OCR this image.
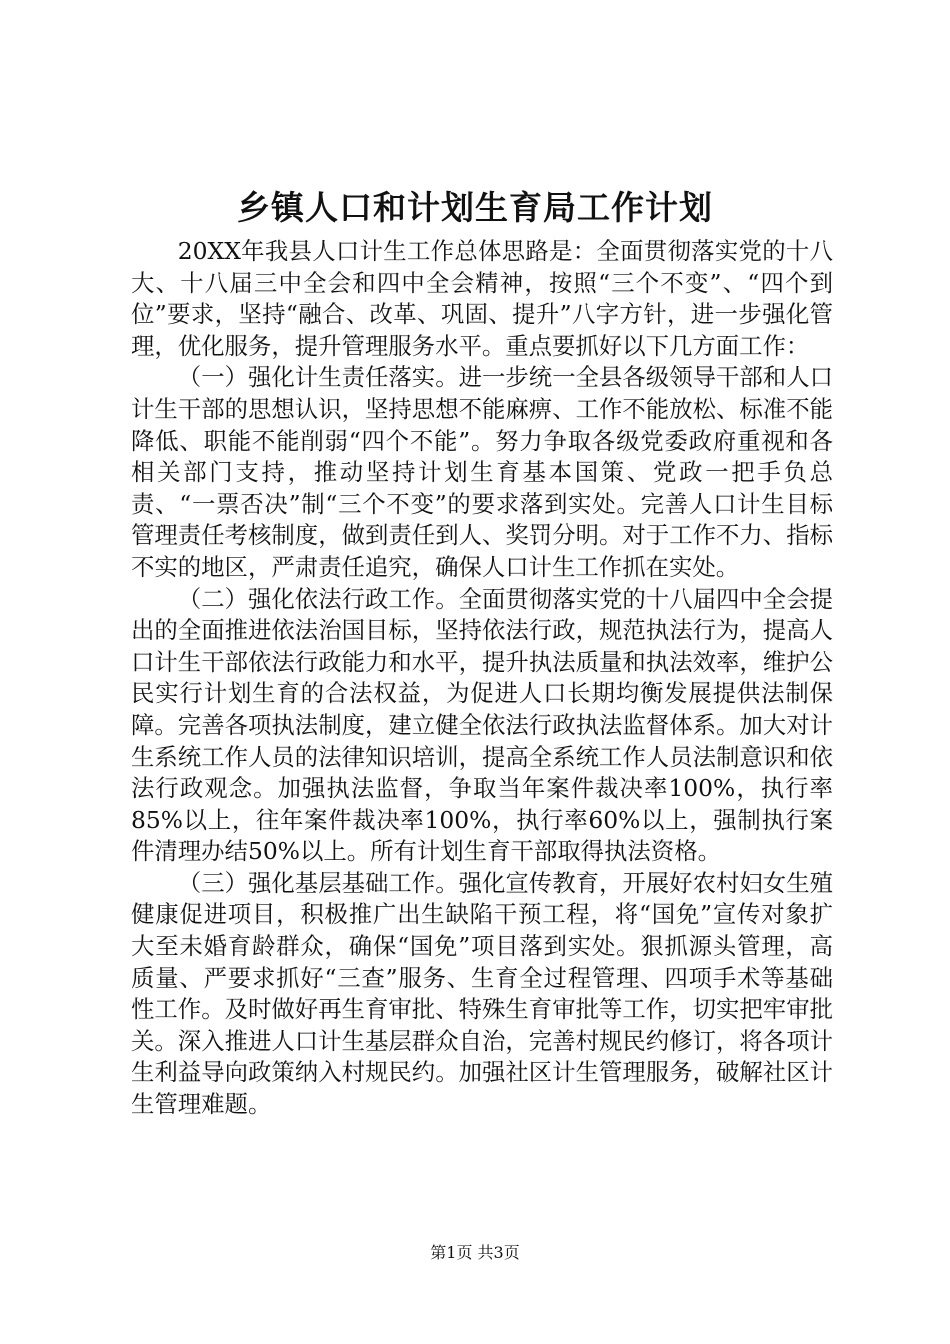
乡镇人口和计划生育局工作计划

20XX年我县人口计生工作总体思路是：全面贯彻落实党的十八大、十八届三中全会和四中全会精神，按照“三个不变”、“四个到位”要求，坚持“融合、改革、巩固、提升”八字方针，进一步强化管理，优化服务，提升管理服务水平。重点要抓好以下几方面工作：

（一）强化计生责任落实。进一步统一全县各级领导干部和人口计生干部的思想认识，坚持思想不能麻痹、工作不能放松、标准不能降低、职能不能削弱“四个不能”。努力争取各级党委政府重视和各相关部门支持，推动坚持计划生育基本国策、党政一把手负总责、“一票否决”制“三个不变”的要求落到实处。完善人口计生目标管理责任考核制度，做到责任到人、奖罚分明。对于工作不力、指标不实的地区，严肃责任追究，确保人口计生工作抓在实处。

（二）强化依法行政工作。全面贯彻落实党的十八届四中全会提出的全面推进依法治国目标，坚持依法行政，规范执法行为，提高人口计生干部依法行政能力和水平，提升执法质量和执法效率，维护公民实行计划生育的合法权益，为促进人口长期均衡发展提供法制保障。完善各项执法制度，建立健全依法行政执法监督体系。加大对计生系统工作人员的法律知识培训，提高全系统工作人员法制意识和依法行政观念。加强执法监督，争取当年案件裁决率100%，执行率85%以上，往年案件裁决率100%，执行率60%以上，强制执行案件清理办结50%以上。所有计划生育干部取得执法资格。

（三）强化基层基础工作。强化宣传教育，开展好农村妇女生殖健康促进项目，积极推广出生缺陷干预工程，将“国免”宣传对象扩大至未婚育龄群众，确保“国免”项目落到实处。狠抓源头管理，高质量、严要求抓好“三查”服务、生育全过程管理、四项手术等基础性工作。及时做好再生育审批、特殊生育审批等工作，切实把牢审批关。深入推进人口计生基层群众自治，完善村规民约修订，将各项计生利益导向政策纳入村规民约。加强社区计生管理服务，破解社区计生管理难题。

第1页 共3页
